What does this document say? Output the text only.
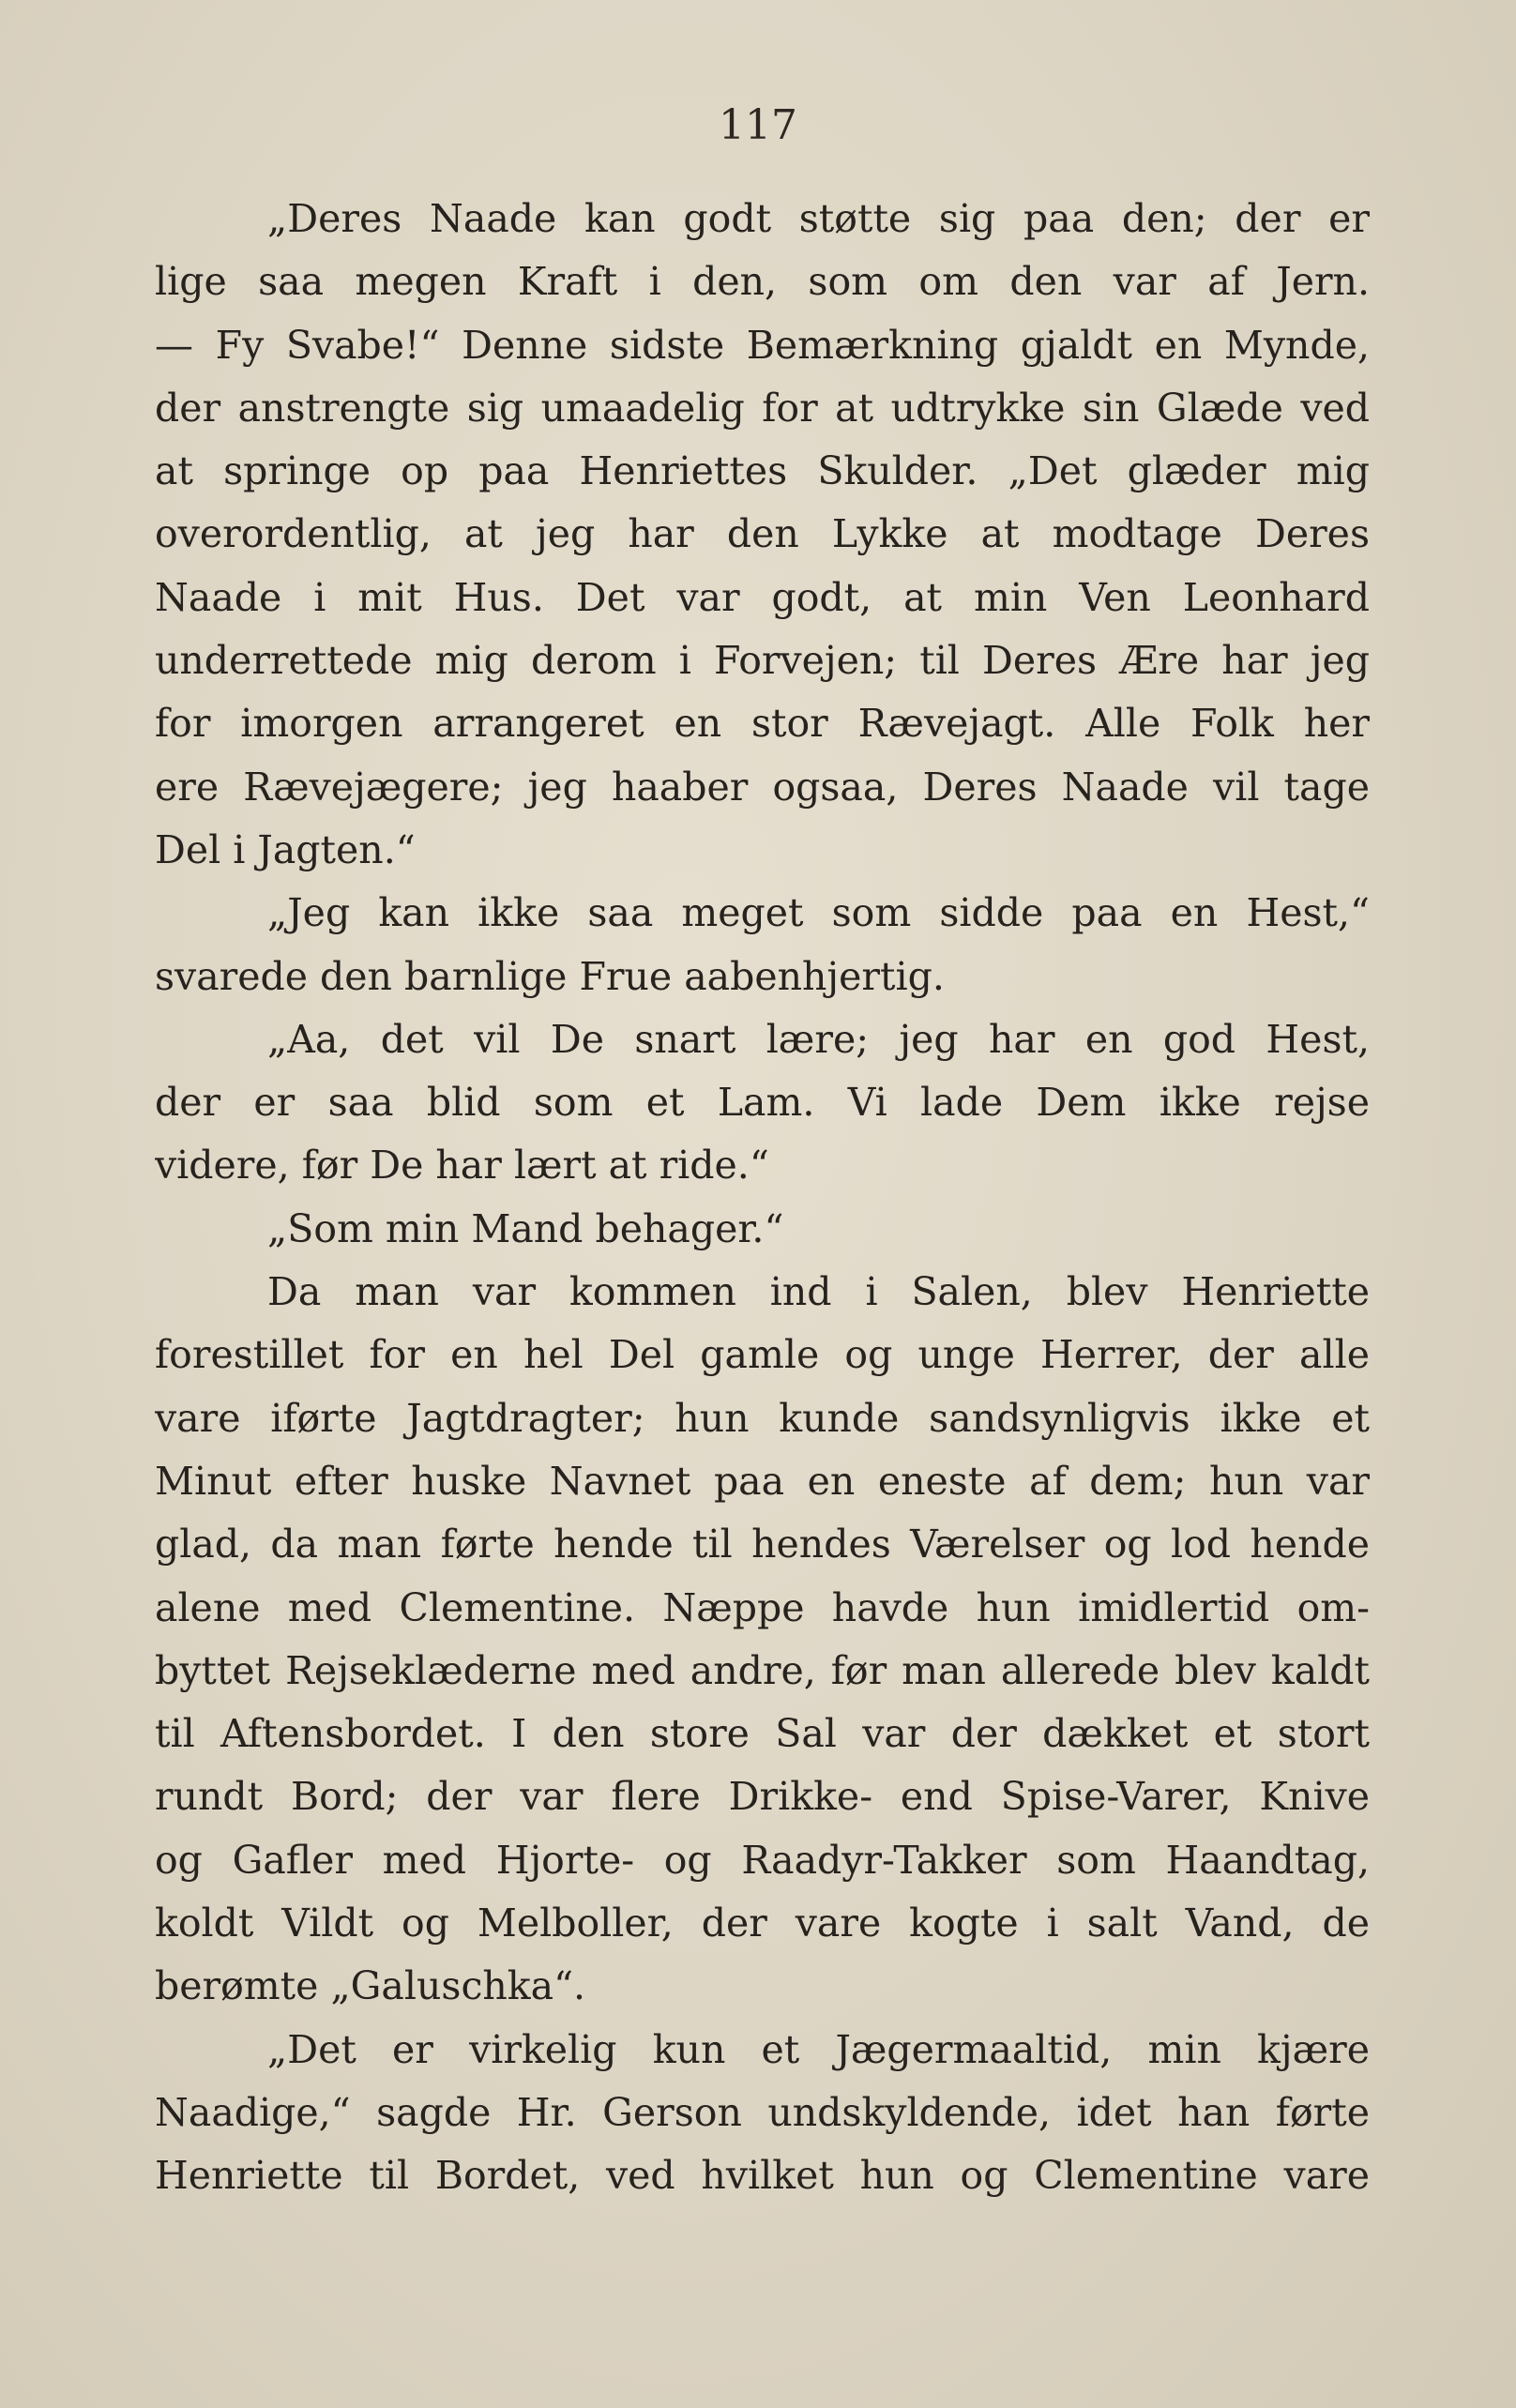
117
„Deres Naade kan godt støtte sig paa den; der er
lige saa megen Kraft i den, som om den var af Jern.
— Fy Svabe!“ Denne sidste Bemærkning gjaldt en Mynde,
der anstrengte sig umaadelig for at udtrykke sin Glæde ved
at springe op paa Henriettes Skulder. „Det glæder mig
overordentlig, at jeg har den Lykke at modtage Deres
Naade i mit Hus. Det var godt, at min Ven Leonhard
underrettede mig derom i Forvejen; til Deres Ære har jeg
for imorgen arrangeret en stor Rævejagt. Alle Folk her
ere Rævejægere; jeg haaber ogsaa, Deres Naade vil tage
Del i Jagten.“
„Jeg kan ikke saa meget som sidde paa en Hest,“
svarede den barnlige Frue aabenhjertig.
„Aa, det vil De snart lære; jeg har en god Hest,
der er saa blid som et Lam. Vi lade Dem ikke rejse
videre, før De har lært at ride.“
„Som min Mand behager.“
Da man var kommen ind i Salen, blev Henriette
forestillet for en hel Del gamle og unge Herrer, der alle
vare iførte Jagtdragter; hun kunde sandsynligvis ikke et
Minut efter huske Navnet paa en eneste af dem; hun var
glad, da man førte hende til hendes Værelser og lod hende
alene med Clementine. Næppe havde hun imidlertid om-
byttet Rejseklæderne med andre, før man allerede blev kaldt
til Aftensbordet. I den store Sal var der dækket et stort
rundt Bord; der var flere Drikke- end Spise-Varer, Knive
og Gafler med Hjorte- og Raadyr-Takker som Haandtag,
koldt Vildt og Melboller, der vare kogte i salt Vand, de
berømte „Galuschka“.
„Det er virkelig kun et Jægermaaltid, min kjære
Naadige,“ sagde Hr. Gerson undskyldende, idet han førte
Henriette til Bordet, ved hvilket hun og Clementine vare
